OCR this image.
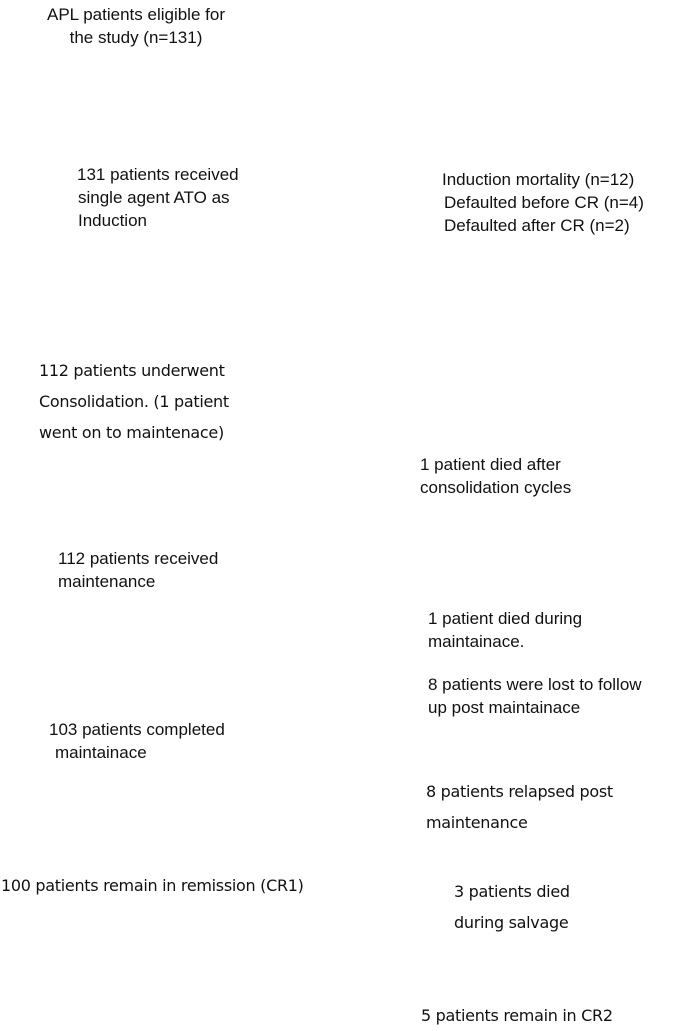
APL patients eligible for
the study (n=131)
131 patients received
single agent ATO as
Induction
112 patients underwent
Consolidation. (1 patient
went on to maintenace)
112 patients received
maintenance
103 patients completed
maintainace
100 patients remain in remission (CR1)
Induction mortality (n=12)
Defaulted before CR (n=4)
Defaulted after CR (n=2)
1 patient died after
consolidation cycles
1 patient died during
maintainace.
8 patients were lost to follow
up post maintainace
8 patients relapsed post
maintenance
3 patients died
during salvage
5 patients remain in CR2
